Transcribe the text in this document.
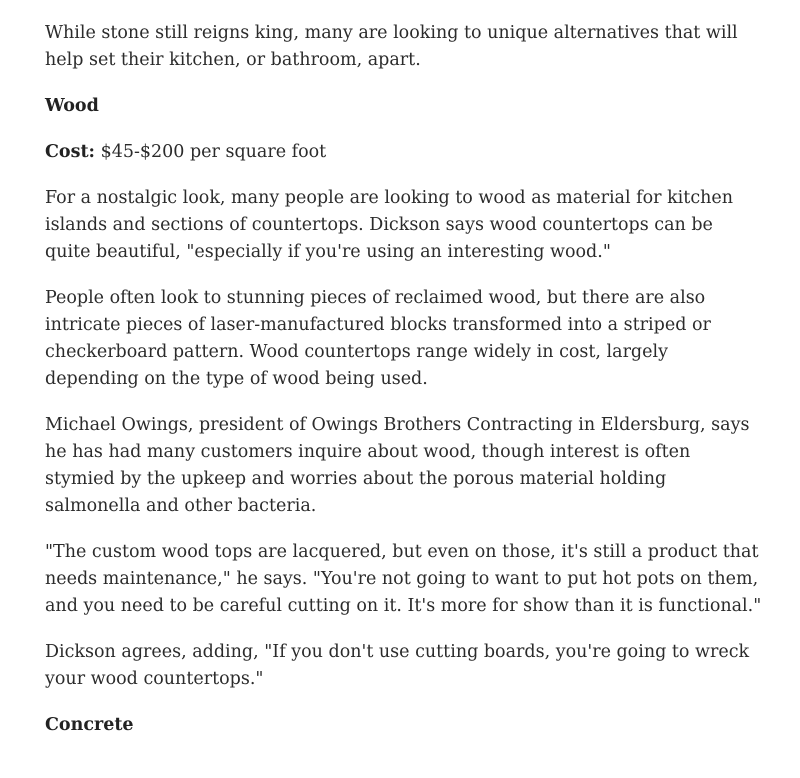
While stone still reigns king, many are looking to unique alternatives that will help set their kitchen, or bathroom, apart.

Wood

Cost: $45-$200 per square foot

For a nostalgic look, many people are looking to wood as material for kitchen islands and sections of countertops. Dickson says wood countertops can be quite beautiful, "especially if you're using an interesting wood."

People often look to stunning pieces of reclaimed wood, but there are also intricate pieces of laser-manufactured blocks transformed into a striped or checkerboard pattern. Wood countertops range widely in cost, largely depending on the type of wood being used.

Michael Owings, president of Owings Brothers Contracting in Eldersburg, says he has had many customers inquire about wood, though interest is often stymied by the upkeep and worries about the porous material holding salmonella and other bacteria.

"The custom wood tops are lacquered, but even on those, it's still a product that needs maintenance," he says. "You're not going to want to put hot pots on them, and you need to be careful cutting on it. It's more for show than it is functional."

Dickson agrees, adding, "If you don't use cutting boards, you're going to wreck your wood countertops."

Concrete
